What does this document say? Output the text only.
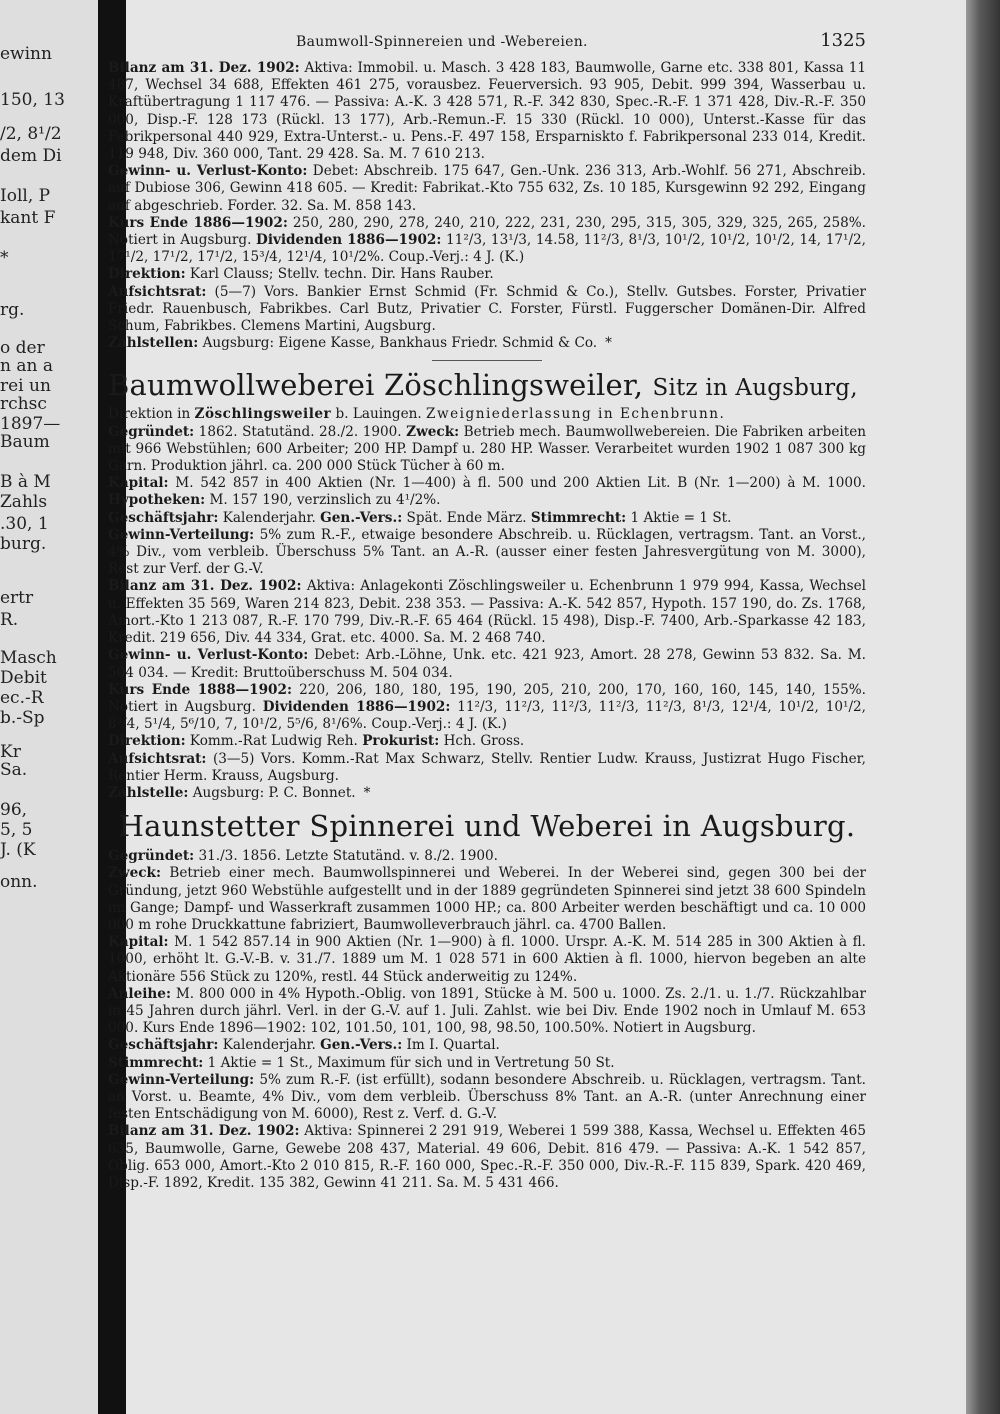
ewinn
150, 13
/2, 8¹/2
dem Di
Ioll, P
kant F
*
rg.
o der
n an a
rei un
rchsc
1897—
Baum
B à M
Zahls
.30, 1
burg.
ertr
R.
Masch
Debit
ec.-R
b.-Sp
Kr
Sa.
96,
5, 5
J. (K
onn.
Baumwoll-Spinnereien und -Webereien.	1325

Bilanz am 31. Dez. 1902: Aktiva: Immobil. u. Masch. 3 428 183, Baumwolle, Garne etc. 338 801, Kassa 11 487, Wechsel 34 688, Effekten 461 275, vorausbez. Feuerversich. 93 905, Debit. 999 394, Wasserbau u. Kraftübertragung 1 117 476. — Passiva: A.-K. 3 428 571, R.-F. 342 830, Spec.-R.-F. 1 371 428, Div.-R.-F. 350 000, Disp.-F. 128 173 (Rückl. 13 177), Arb.-Remun.-F. 15 330 (Rückl. 10 000), Unterst.-Kasse für das Fabrikpersonal 440 929, Extra-Unterst.- u. Pens.-F. 497 158, Ersparniskto f. Fabrikpersonal 233 014, Kredit. 119 948, Div. 360 000, Tant. 29 428. Sa. M. 7 610 213.

Gewinn- u. Verlust-Konto: Debet: Abschreib. 175 647, Gen.-Unk. 236 313, Arb.-Wohlf. 56 271, Abschreib. auf Dubiose 306, Gewinn 418 605. — Kredit: Fabrikat.-Kto 755 632, Zs. 10 185, Kursgewinn 92 292, Eingang auf abgeschrieb. Forder. 32. Sa. M. 858 143.

Kurs Ende 1886—1902: 250, 280, 290, 278, 240, 210, 222, 231, 230, 295, 315, 305, 329, 325, 265, 258%. Notiert in Augsburg. Dividenden 1886—1902: 11²/3, 13¹/3, 14.58, 11²/3, 8¹/3, 10¹/2, 10¹/2, 10¹/2, 14, 17¹/2, 17¹/2, 17¹/2, 17¹/2, 15³/4, 12¹/4, 10¹/2%. Coup.-Verj.: 4 J. (K.)

Direktion: Karl Clauss; Stellv. techn. Dir. Hans Rauber.

Aufsichtsrat: (5—7) Vors. Bankier Ernst Schmid (Fr. Schmid & Co.), Stellv. Gutsbes. Forster, Privatier Friedr. Rauenbusch, Fabrikbes. Carl Butz, Privatier C. Forster, Fürstl. Fuggerscher Domänen-Dir. Alfred Schum, Fabrikbes. Clemens Martini, Augsburg.

Zahlstellen: Augsburg: Eigene Kasse, Bankhaus Friedr. Schmid & Co. *

Baumwollweberei Zöschlingsweiler, Sitz in Augsburg,

Direktion in Zöschlingsweiler b. Lauingen. Zweigniederlassung in Echenbrunn.

Gegründet: 1862. Statutänd. 28./2. 1900. Zweck: Betrieb mech. Baumwollwebereien. Die Fabriken arbeiten mit 966 Webstühlen; 600 Arbeiter; 200 HP. Dampf u. 280 HP. Wasser. Verarbeitet wurden 1902 1 087 300 kg Garn. Produktion jährl. ca. 200 000 Stück Tücher à 60 m.

Kapital: M. 542 857 in 400 Aktien (Nr. 1—400) à fl. 500 und 200 Aktien Lit. B (Nr. 1—200) à M. 1000. Hypotheken: M. 157 190, verzinslich zu 4¹/2%.

Geschäftsjahr: Kalenderjahr. Gen.-Vers.: Spät. Ende März. Stimmrecht: 1 Aktie = 1 St.

Gewinn-Verteilung: 5% zum R.-F., etwaige besondere Abschreib. u. Rücklagen, vertragsm. Tant. an Vorst., 4% Div., vom verbleib. Überschuss 5% Tant. an A.-R. (ausser einer festen Jahresvergütung von M. 3000), Rest zur Verf. der G.-V.

Bilanz am 31. Dez. 1902: Aktiva: Anlagekonti Zöschlingsweiler u. Echenbrunn 1 979 994, Kassa, Wechsel u. Effekten 35 569, Waren 214 823, Debit. 238 353. — Passiva: A.-K. 542 857, Hypoth. 157 190, do. Zs. 1768, Amort.-Kto 1 213 087, R.-F. 170 799, Div.-R.-F. 65 464 (Rückl. 15 498), Disp.-F. 7400, Arb.-Sparkasse 42 183, Kredit. 219 656, Div. 44 334, Grat. etc. 4000. Sa. M. 2 468 740.

Gewinn- u. Verlust-Konto: Debet: Arb.-Löhne, Unk. etc. 421 923, Amort. 28 278, Gewinn 53 832. Sa. M. 504 034. — Kredit: Bruttoüberschuss M. 504 034.

Kurs Ende 1888—1902: 220, 206, 180, 180, 195, 190, 205, 210, 200, 170, 160, 160, 145, 140, 155%. Notiert in Augsburg. Dividenden 1886—1902: 11²/3, 11²/3, 11²/3, 11²/3, 11²/3, 8¹/3, 12¹/4, 10¹/2, 10¹/2, 8³/4, 5¹/4, 5⁶/10, 7, 10¹/2, 5⁵/6, 8¹/6%. Coup.-Verj.: 4 J. (K.)

Direktion: Komm.-Rat Ludwig Reh. Prokurist: Hch. Gross.

Aufsichtsrat: (3—5) Vors. Komm.-Rat Max Schwarz, Stellv. Rentier Ludw. Krauss, Justizrat Hugo Fischer, Rentier Herm. Krauss, Augsburg.

Zahlstelle: Augsburg: P. C. Bonnet. *

Haunstetter Spinnerei und Weberei in Augsburg.

Gegründet: 31./3. 1856. Letzte Statutänd. v. 8./2. 1900.

Zweck: Betrieb einer mech. Baumwollspinnerei und Weberei. In der Weberei sind, gegen 300 bei der Gründung, jetzt 960 Webstühle aufgestellt und in der 1889 gegründeten Spinnerei sind jetzt 38 600 Spindeln im Gange; Dampf- und Wasserkraft zusammen 1000 HP.; ca. 800 Arbeiter werden beschäftigt und ca. 10 000 000 m rohe Druckkattune fabriziert, Baumwolleverbrauch jährl. ca. 4700 Ballen.

Kapital: M. 1 542 857.14 in 900 Aktien (Nr. 1—900) à fl. 1000. Urspr. A.-K. M. 514 285 in 300 Aktien à fl. 1000, erhöht lt. G.-V.-B. v. 31./7. 1889 um M. 1 028 571 in 600 Aktien à fl. 1000, hiervon begeben an alte Aktionäre 556 Stück zu 120%, restl. 44 Stück anderweitig zu 124%.

Anleihe: M. 800 000 in 4% Hypoth.-Oblig. von 1891, Stücke à M. 500 u. 1000. Zs. 2./1. u. 1./7. Rückzahlbar in 45 Jahren durch jährl. Verl. in der G.-V. auf 1. Juli. Zahlst. wie bei Div. Ende 1902 noch in Umlauf M. 653 000. Kurs Ende 1896—1902: 102, 101.50, 101, 100, 98, 98.50, 100.50%. Notiert in Augsburg.

Geschäftsjahr: Kalenderjahr. Gen.-Vers.: Im I. Quartal.

Stimmrecht: 1 Aktie = 1 St., Maximum für sich und in Vertretung 50 St.

Gewinn-Verteilung: 5% zum R.-F. (ist erfüllt), sodann besondere Abschreib. u. Rücklagen, vertragsm. Tant. an Vorst. u. Beamte, 4% Div., vom dem verbleib. Überschuss 8% Tant. an A.-R. (unter Anrechnung einer festen Entschädigung von M. 6000), Rest z. Verf. d. G.-V.

Bilanz am 31. Dez. 1902: Aktiva: Spinnerei 2 291 919, Weberei 1 599 388, Kassa, Wechsel u. Effekten 465 635, Baumwolle, Garne, Gewebe 208 437, Material. 49 606, Debit. 816 479. — Passiva: A.-K. 1 542 857, Oblig. 653 000, Amort.-Kto 2 010 815, R.-F. 160 000, Spec.-R.-F. 350 000, Div.-R.-F. 115 839, Spark. 420 469, Disp.-F. 1892, Kredit. 135 382, Gewinn 41 211. Sa. M. 5 431 466.
